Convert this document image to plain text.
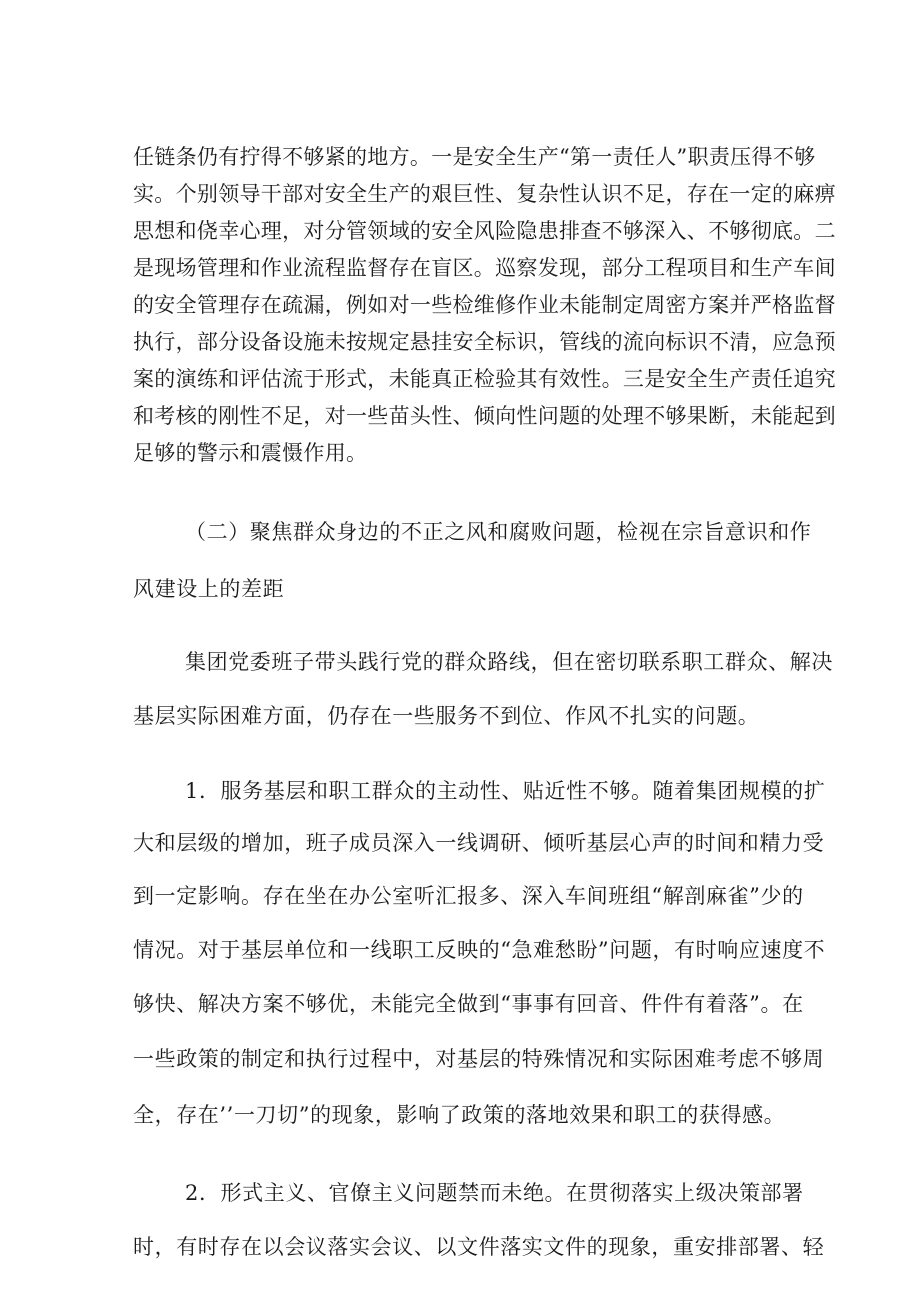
任链条仍有拧得不够紧的地方。一是安全生产“第一责任人”职责压得不够
实。个别领导干部对安全生产的艰巨性、复杂性认识不足，存在一定的麻痹
思想和侥幸心理，对分管领域的安全风险隐患排查不够深入、不够彻底。二
是现场管理和作业流程监督存在盲区。巡察发现，部分工程项目和生产车间
的安全管理存在疏漏，例如对一些检维修作业未能制定周密方案并严格监督
执行，部分设备设施未按规定悬挂安全标识，管线的流向标识不清，应急预
案的演练和评估流于形式，未能真正检验其有效性。三是安全生产责任追究
和考核的刚性不足，对一些苗头性、倾向性问题的处理不够果断，未能起到
足够的警示和震慑作用。
（二）聚焦群众身边的不正之风和腐败问题，检视在宗旨意识和作
风建设上的差距
集团党委班子带头践行党的群众路线，但在密切联系职工群众、解决
基层实际困难方面，仍存在一些服务不到位、作风不扎实的问题。
1．服务基层和职工群众的主动性、贴近性不够。随着集团规模的扩
大和层级的增加，班子成员深入一线调研、倾听基层心声的时间和精力受
到一定影响。存在坐在办公室听汇报多、深入车间班组“解剖麻雀”少的
情况。对于基层单位和一线职工反映的“急难愁盼”问题，有时响应速度不
够快、解决方案不够优，未能完全做到“事事有回音、件件有着落”。在
一些政策的制定和执行过程中，对基层的特殊情况和实际困难考虑不够周
全，存在’’一刀切”的现象，影响了政策的落地效果和职工的获得感。
2．形式主义、官僚主义问题禁而未绝。在贯彻落实上级决策部署
时，有时存在以会议落实会议、以文件落实文件的现象，重安排部署、轻
